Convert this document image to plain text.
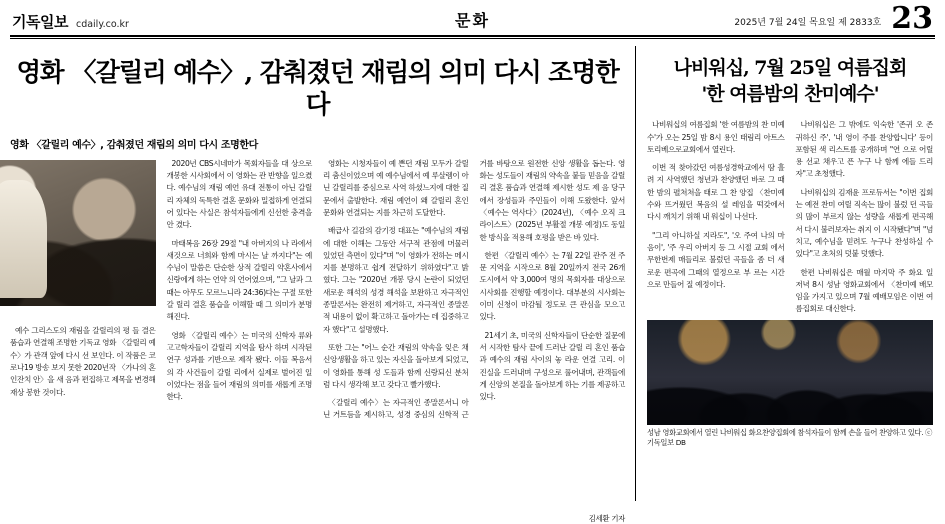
기독일보 cdaily.co.kr	문화	2025년 7월 24일 목요일 제 2833호 23
영화 〈갈릴리 예수〉, 감춰졌던 재림의 의미 다시 조명한다
영화 〈갈릴리 예수〉, 감춰졌던 재림의 의미 다시 조명한다

예수 그리스도의 재림을 갈릴리의 평 들 결은 품습과 연결해 조명한 기독교 영화 〈갈릴리 예수〉가 관객 앞에 다시 선 보인다. 이 작품은 코로나19 방송 보지 못한 2020년작 〈가나의 혼인잔치 안〉을 새 음과 편집하고 제목을 변경해 재상 봉한 것이다.

2020년 CBS시네마가 목회자들을 대 상으로 개봉한 시사회에서 이 영화는 관 반향을 일으켰다. 예수님의 재림 예언 유대 전통이 아닌 갈릴리 자체의 독특한 결혼 문화와 밀접하게 연결되어 있다는 사실은 참석자들에게 신선한 충격을 안 겼다.

마태복음 26장 29절 "내 아버지의 나 라에서 새것으로 너희와 함께 마시는 날 까지다"는 예수님이 말씀은 단순한 상적 갈릴리 약혼사에서 신랑에게 하는 언약 의 언어였으며, "그 날과 그 때는 아무도 모르느니라 24:36)다는 구절 또한 갈 릴리 결혼 품습을 이해할 때 그 의미가 분명해진다.

영화 〈갈릴리 예수〉는 미국의 신학자 류와 고고학자들이 갈릴리 지역을 탐사 하며 시작된 연구 성과를 기반으로 제작 됐다. 이들 복음서의 각 사건들이 갈릴 리에서 실제로 벌어진 일이었다는 점을 들어 재림의 의미를 새롭게 조명한다.

영화는 시청자들이 예 쁜던 재림 모두가 갈릴리 춤신이었으며 예 예수님에서 예 루살렘이 아닌 갈릴리를 중심으로 사역 하셨느지에 대한 질문에서 출발한다. 재림 예언이 왜 갈릴리 혼인 문화와 연결되는 지를 차근히 도달한다.

배급사 길감의 감기정 대표는 "예수님의 재림에 대한 이해는 그동안 서구적 관점에 머물러 있었던 측면이 있다"며 "이 영화가 전하는 메시지를 분명하고 쉽게 전달하기 위하였다"고 밝혔다. 그는 "2020년 개봉 당시 논란이 되었던 새로운 해석의 성경 해석을 보완하고 자극적인 종말론서는 완전히 제거하고, 자극적인 종말론적 내용이 없이 확고하고 돌아가는 데 집중하고자 했다"고 설명했다.

또한 그는 "어느 순간 재림의 약속을 잊은 채 신앙생활을 하고 있는 자신을 돌아보게 되었고, 이 영화를 통해 성 도들과 함께 신랑되신 분처럼 다시 생각해 보고 갖다고 빨가했다.

〈갈릴리 예수〉는 자극적인 종말론서니 아닌 거트듬을 제시하고, 성경 중심의 신학적 근거를 바탕으로 원전한 신앙 생활을 돕는다. 영화는 성도들이 재림의 약속을 붙들 믿음을 갈릴리 결혼 품습과 연결해 제시한 성도 제 음 당구에서 장성들과 주민들이 이해 도왔한다. 앞서 〈예수는 역사다〉(2024년), 〈예수 오직 크라이스트〉(2025년 부활절 개봉 예정)도 동일한 방식을 적용해 호평을 받은 바 있다.

한편 〈갈릴리 예수〉는 7월 22일 관주 전 주문 지역을 시작으로 8월 20일까지 전국 26개 도시에서 약 3,000여 명의 목회자를 대상으로 시사회를 진행할 예정이다. 대부분의 시사회는 이미 신청이 마감될 정도로 큰 관심을 모으고 있다.

21세기 초, 미국의 신학자들이 단순한 질문에서 시작한 탐사 끝에 드러난 갈릴 리 혼인 품습과 예수의 재림 사이의 놓 라운 연결 고리. 이 진실을 드러내며 구성으로 풀어내며, 관객들에게 신앙의 본질을 돌아보게 하는 기를 제공하고 있다.

김세환 기자
나비워십, 7월 25일 여름집회
'한 여름밤의 찬미예수'

나비워십의 여름집회 '한 여름밤의 찬 미예수'가 오는 25일 밤 8시 용인 태림리 아트스토리베으로교회에서 열린다.

이번 적 찾아갔던 여름성경학교에서 땀 흘려 지 사역했던 청년과 찬양했던 바로 그 때 한 밤의 펼쳐쳐을 태로 그 찬 양집 〈찬미예수와 뜨거웠던 복음의 설 레임을 떡갖에서 다시 깨치기 위해 내 워십이 나선다.

"그리 아니하실 지라도", '오 주여 나의 마음이', '주 우리 아버지 등 그 시절 교회 에서 무한번제 매들리로 불렀던 곡들을 좀 더 새로운 편곡에 그때의 열정으로 부 르는 시간으로 만들어 질 예정이다.

나비워십은 그 밖에도 익숙한 '존귀 오 존귀하신 주', '내 영이 주를 찬양합니다' 등이 포함된 색 리스트를 공개하며 "연 으로 어릴 용 선교 채우고 픈 누구 나 함께 에들 드리자"고 초청했다.

나비워십의 김재윤 프로듀서는 "이번 집회는 예전 찬미 여릴 직속는 많이 불렀 던 곡들의 많이 부르지 않는 성량을 새롭게 편곡해서 다시 불러보자는 취지 이 시작됐다"며 "넘치고, 예수님을 믿려도 누구나 찬성하실 수 있다"고 초처의 덧붙 덧했다.

한편 나비워십은 매월 마지막 주 화요 일 저녁 8시 성남 영화교회에서 〈찬미예 배모임을 가지고 있으며 7월 예배모임은 이번 여름집회로 대신한다.

성남 영화교회에서 열린 나비워십 화요찬양집회에 참석자들이 함께 손을 들어 찬양하고 있다. ⓒ기독일보 DB
